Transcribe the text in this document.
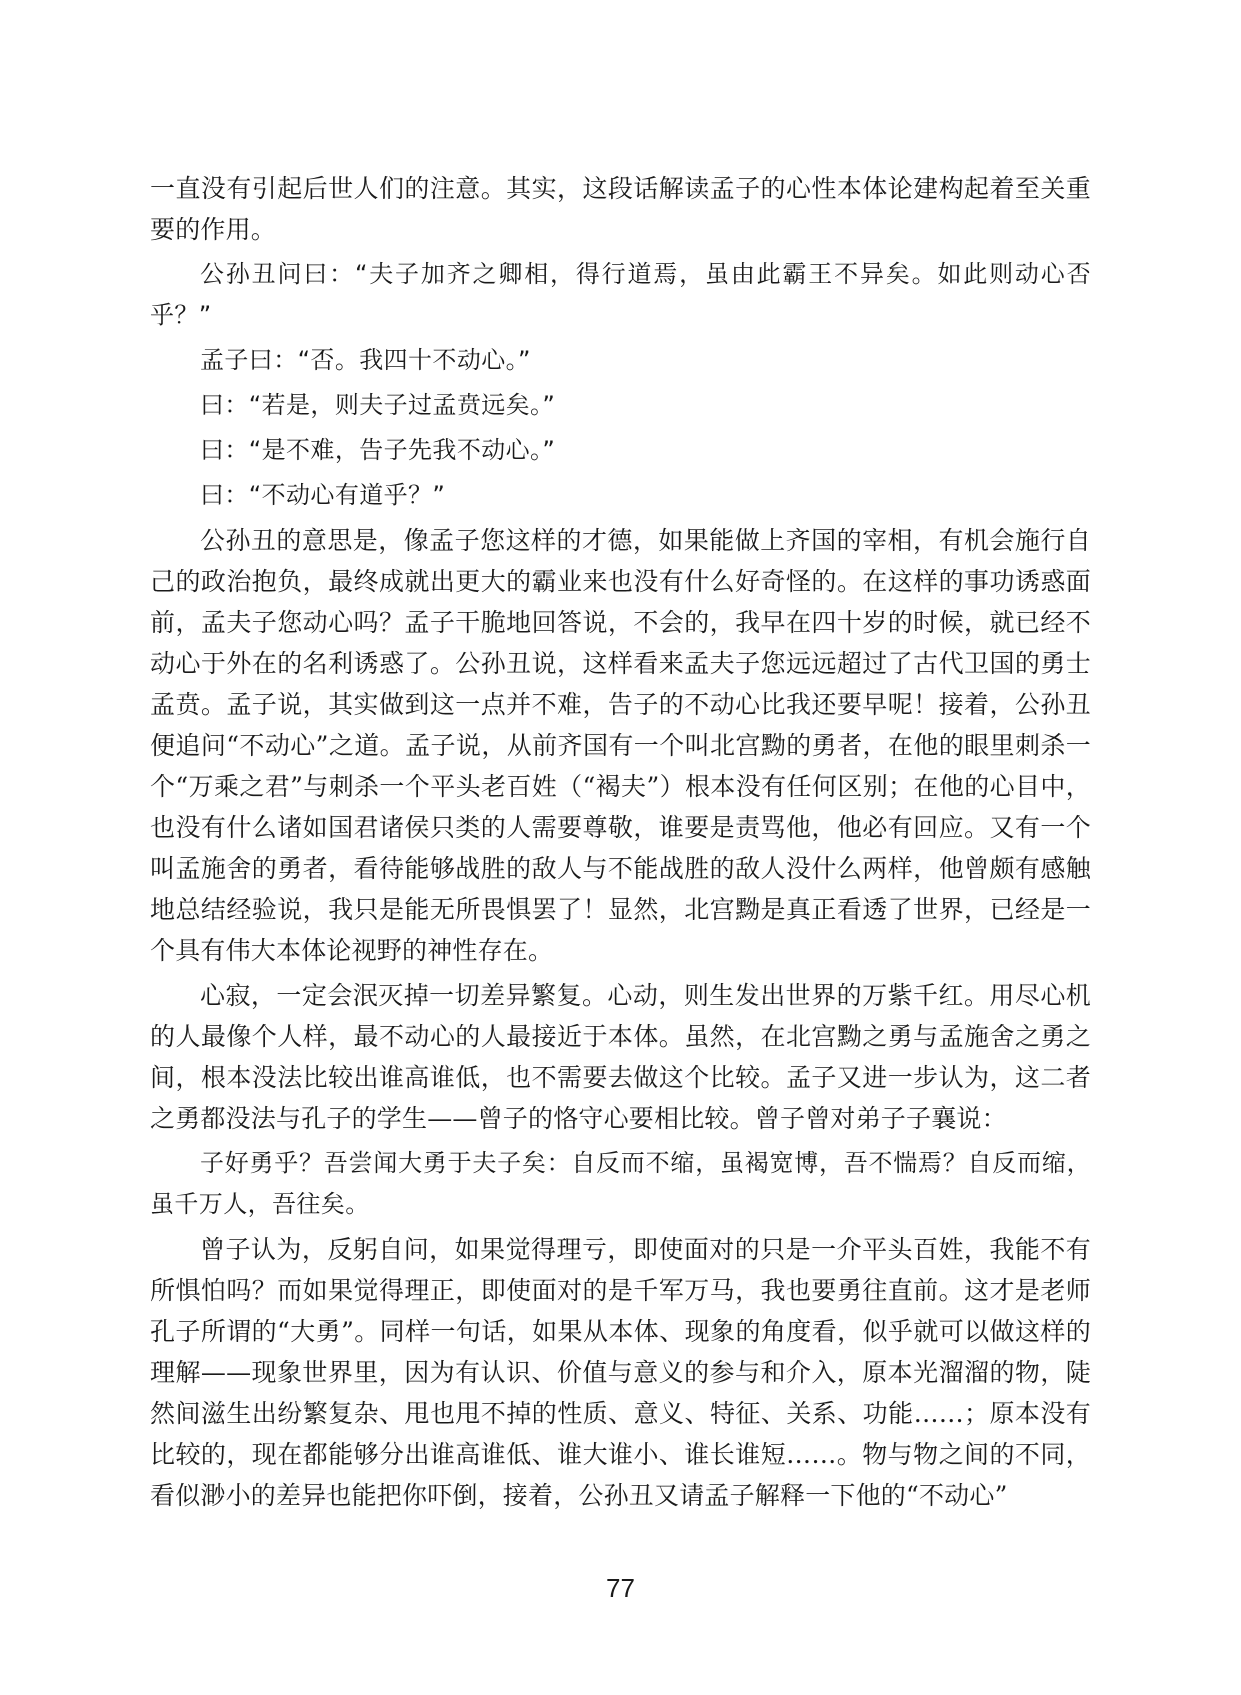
一直没有引起后世人们的注意。其实，这段话解读孟子的心性本体论建构起着至关重要的作用。

公孙丑问曰：“夫子加齐之卿相，得行道焉，虽由此霸王不异矣。如此则动心否乎？”

孟子曰：“否。我四十不动心。”

曰：“若是，则夫子过孟贲远矣。”

曰：“是不难，告子先我不动心。”

曰：“不动心有道乎？”

公孙丑的意思是，像孟子您这样的才德，如果能做上齐国的宰相，有机会施行自己的政治抱负，最终成就出更大的霸业来也没有什么好奇怪的。在这样的事功诱惑面前，孟夫子您动心吗？孟子干脆地回答说，不会的，我早在四十岁的时候，就已经不动心于外在的名利诱惑了。公孙丑说，这样看来孟夫子您远远超过了古代卫国的勇士孟贲。孟子说，其实做到这一点并不难，告子的不动心比我还要早呢！接着，公孙丑便追问“不动心”之道。孟子说，从前齐国有一个叫北宫黝的勇者，在他的眼里刺杀一个“万乘之君”与刺杀一个平头老百姓（“褐夫”）根本没有任何区别；在他的心目中，也没有什么诸如国君诸侯只类的人需要尊敬，谁要是责骂他，他必有回应。又有一个叫孟施舍的勇者，看待能够战胜的敌人与不能战胜的敌人没什么两样，他曾颇有感触地总结经验说，我只是能无所畏惧罢了！显然，北宫黝是真正看透了世界，已经是一个具有伟大本体论视野的神性存在。

心寂，一定会泯灭掉一切差异繁复。心动，则生发出世界的万紫千红。用尽心机的人最像个人样，最不动心的人最接近于本体。虽然，在北宫黝之勇与孟施舍之勇之间，根本没法比较出谁高谁低，也不需要去做这个比较。孟子又进一步认为，这二者之勇都没法与孔子的学生——曾子的恪守心要相比较。曾子曾对弟子子襄说：

子好勇乎？吾尝闻大勇于夫子矣：自反而不缩，虽褐宽博，吾不惴焉？自反而缩，虽千万人，吾往矣。

曾子认为，反躬自问，如果觉得理亏，即使面对的只是一介平头百姓，我能不有所惧怕吗？而如果觉得理正，即使面对的是千军万马，我也要勇往直前。这才是老师孔子所谓的“大勇”。同样一句话，如果从本体、现象的角度看，似乎就可以做这样的理解——现象世界里，因为有认识、价值与意义的参与和介入，原本光溜溜的物，陡然间滋生出纷繁复杂、甩也甩不掉的性质、意义、特征、关系、功能……；原本没有比较的，现在都能够分出谁高谁低、谁大谁小、谁长谁短……。物与物之间的不同，看似渺小的差异也能把你吓倒，接着，公孙丑又请孟子解释一下他的“不动心”

77
